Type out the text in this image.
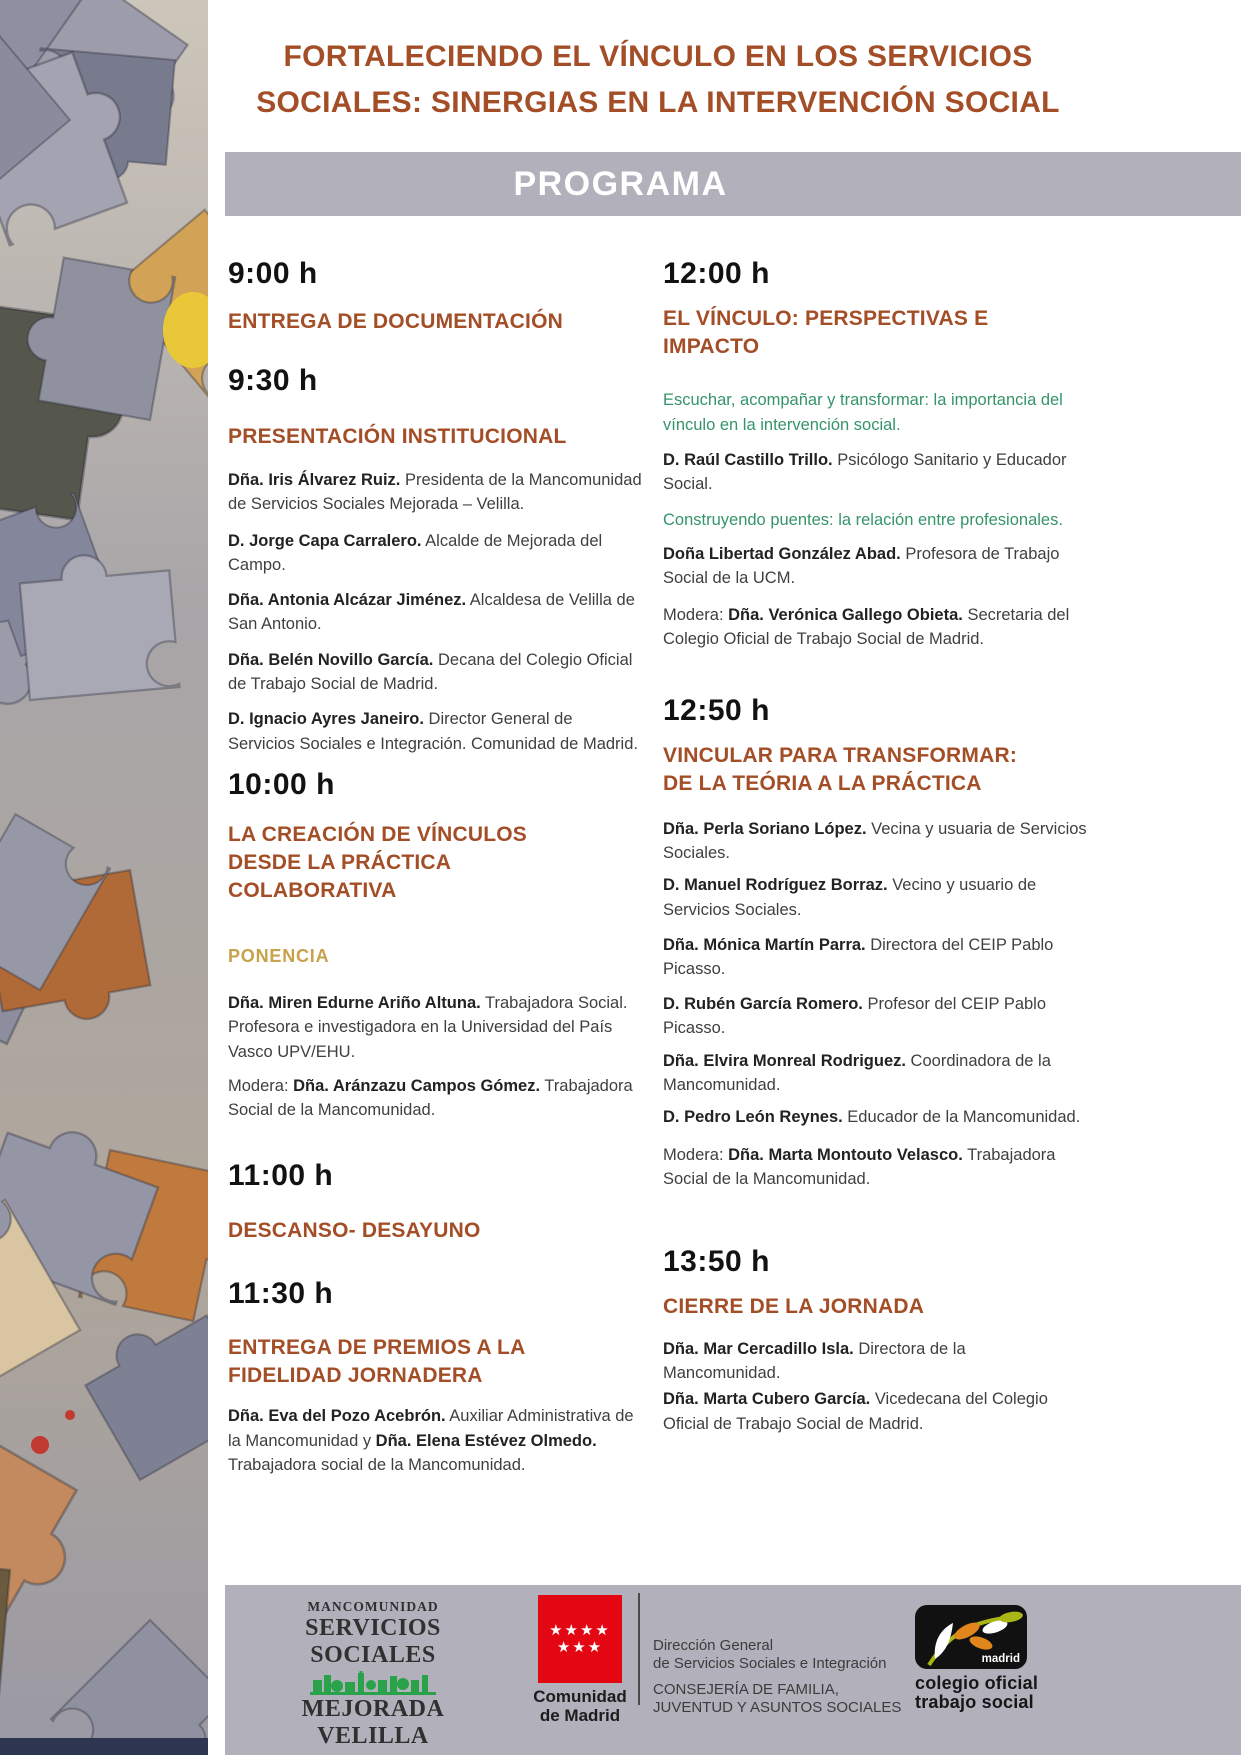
FORTALECIENDO EL VÍNCULO EN LOS SERVICIOS
SOCIALES: SINERGIAS EN LA INTERVENCIÓN SOCIAL
PROGRAMA

9:00 h

ENTREGA DE DOCUMENTACIÓN

9:30 h

PRESENTACIÓN INSTITUCIONAL

Dña. Iris Álvarez Ruiz. Presidenta de la Mancomunidad de Servicios Sociales Mejorada – Velilla.

D. Jorge Capa Carralero. Alcalde de Mejorada del Campo.

Dña. Antonia Alcázar Jiménez. Alcaldesa de Velilla de San Antonio.

Dña. Belén Novillo García. Decana del Colegio Oficial de Trabajo Social de Madrid.

D. Ignacio Ayres Janeiro. Director General de Servicios Sociales e Integración. Comunidad de Madrid.

10:00 h

LA CREACIÓN DE VÍNCULOS DESDE LA PRÁCTICA COLABORATIVA

PONENCIA

Dña. Miren Edurne Ariño Altuna. Trabajadora Social. Profesora e investigadora en la Universidad del País Vasco UPV/EHU.

Modera: Dña. Aránzazu Campos Gómez. Trabajadora Social de la Mancomunidad.

11:00 h

DESCANSO- DESAYUNO

11:30 h

ENTREGA DE PREMIOS A LA FIDELIDAD JORNADERA

Dña. Eva del Pozo Acebrón. Auxiliar Administrativa de la Mancomunidad y Dña. Elena Estévez Olmedo. Trabajadora social de la Mancomunidad.

12:00 h

EL VÍNCULO: PERSPECTIVAS E IMPACTO

Escuchar, acompañar y transformar: la importancia del vínculo en la intervención social.

D. Raúl Castillo Trillo. Psicólogo Sanitario y Educador Social.

Construyendo puentes: la relación entre profesionales.

Doña Libertad González Abad. Profesora de Trabajo Social de la UCM.

Modera: Dña. Verónica Gallego Obieta. Secretaria del Colegio Oficial de Trabajo Social de Madrid.

12:50 h

VINCULAR PARA TRANSFORMAR: DE LA TEÓRIA A LA PRÁCTICA

Dña. Perla Soriano López. Vecina y usuaria de Servicios Sociales.

D. Manuel Rodríguez Borraz. Vecino y usuario de Servicios Sociales.

Dña. Mónica Martín Parra. Directora del CEIP Pablo Picasso.

D. Rubén García Romero. Profesor del CEIP Pablo Picasso.

Dña. Elvira Monreal Rodriguez. Coordinadora de la Mancomunidad.

D. Pedro León Reynes. Educador de la Mancomunidad.

Modera: Dña. Marta Montouto Velasco. Trabajadora Social de la Mancomunidad.

13:50 h

CIERRE DE LA JORNADA

Dña. Mar Cercadillo Isla. Directora de la Mancomunidad.

Dña. Marta Cubero García. Vicedecana del Colegio Oficial de Trabajo Social de Madrid.

MANCOMUNIDAD
SERVICIOS
SOCIALES
MEJORADA
VELILLA
★★★★
★★★
Comunidad
de Madrid
Dirección General
de Servicios Sociales e Integración
CONSEJERÍA DE FAMILIA,
JUVENTUD Y ASUNTOS SOCIALES
madrid
colegio oficial
trabajo social
